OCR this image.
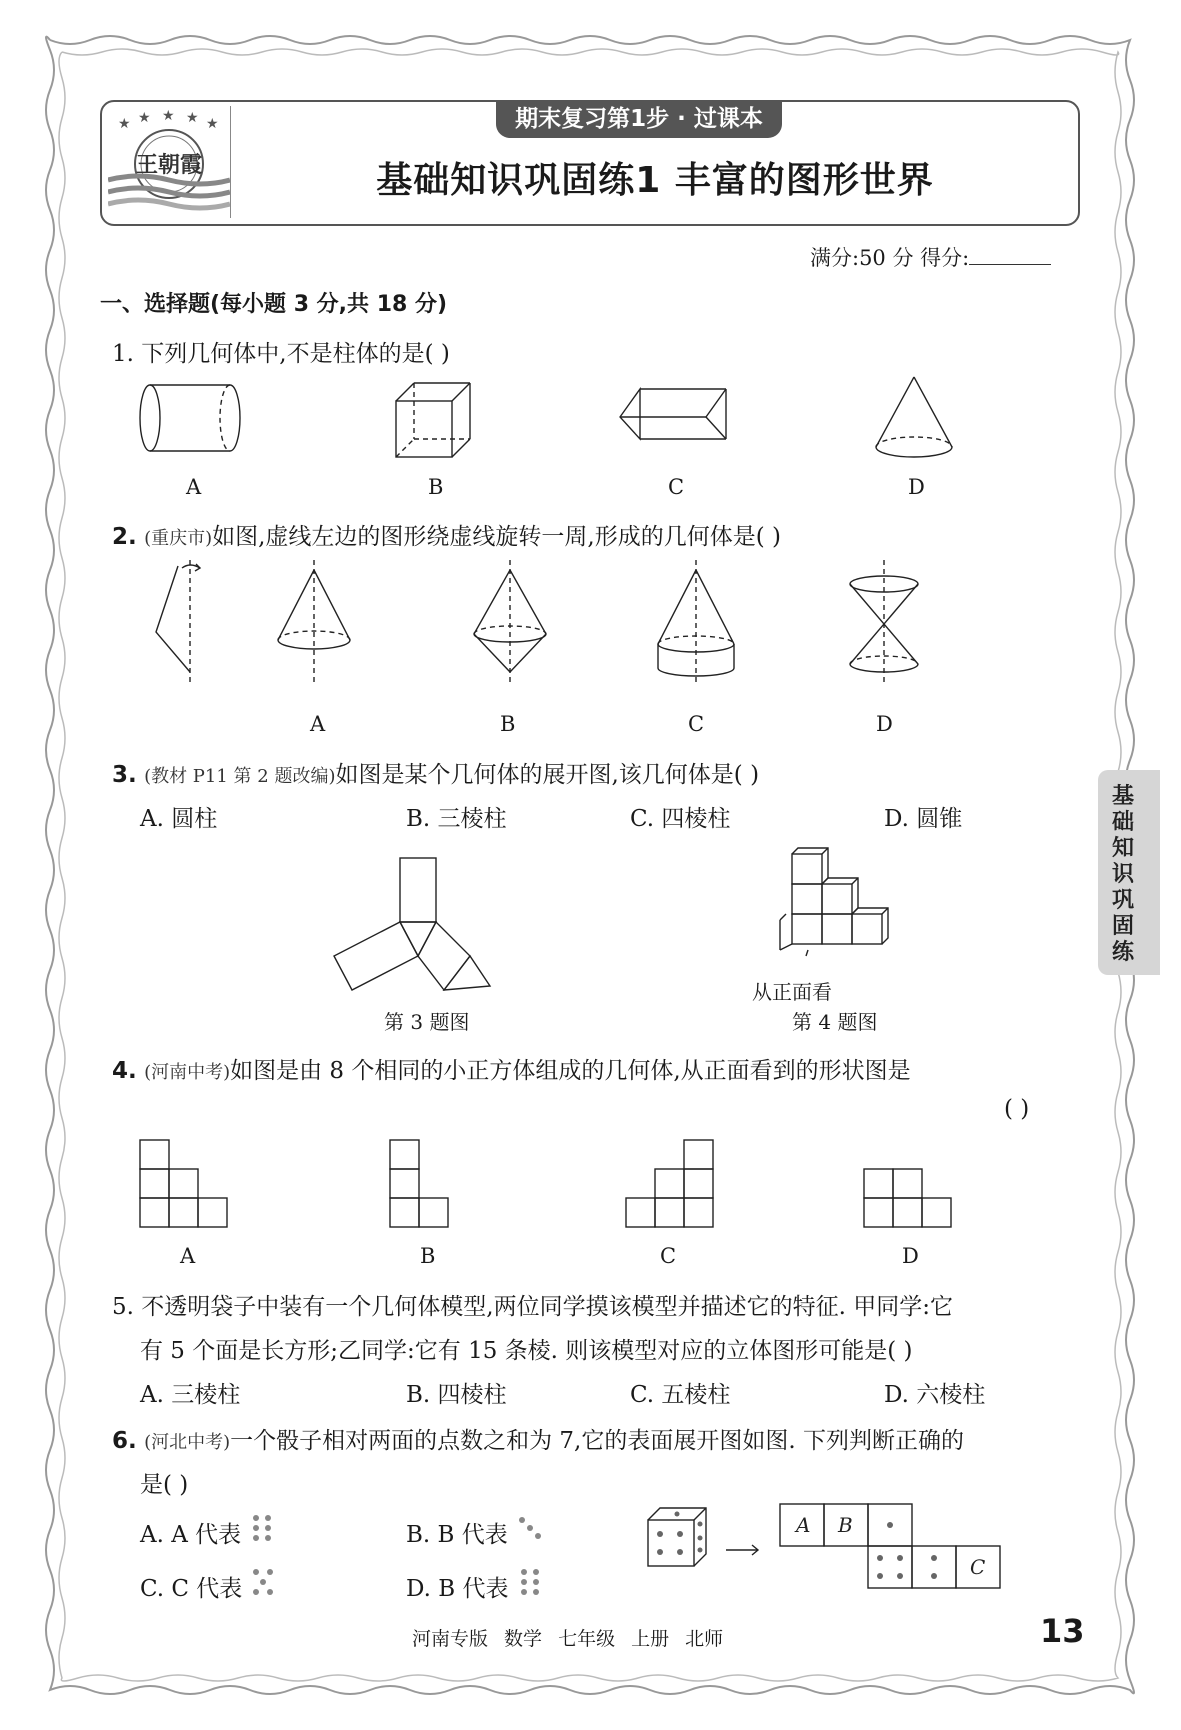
期末复习第1步 · 过课本
★ ★ ★ ★ ★
王朝霞	基础知识巩固练1 丰富的图形世界
满分:50 分 得分:
一、选择题(每小题 3 分,共 18 分)
1. 下列几何体中,不是柱体的是( )
A	B	C	D
2. (重庆市)如图,虚线左边的图形绕虚线旋转一周,形成的几何体是( )
A	B	C	D
3. (教材 P11 第 2 题改编)如图是某个几何体的展开图,该几何体是( )
A. 圆柱	B. 三棱柱	C. 四棱柱	D. 圆锥
第 3 题图
从正面看
第 4 题图
基
础
知
识
巩
固
练
4. (河南中考)如图是由 8 个相同的小正方体组成的几何体,从正面看到的形状图是
( )
A	B	C	D
5. 不透明袋子中装有一个几何体模型,两位同学摸该模型并描述它的特征. 甲同学:它
有 5 个面是长方形;乙同学:它有 15 条棱. 则该模型对应的立体图形可能是( )
A. 三棱柱	B. 四棱柱	C. 五棱柱	D. 六棱柱
6. (河北中考)一个骰子相对两面的点数之和为 7,它的表面展开图如图. 下列判断正确的
是( )
A. A 代表	B. B 代表
C. C 代表	D. B 代表
A B
C
河南专版 数学 七年级 上册 北师	13
